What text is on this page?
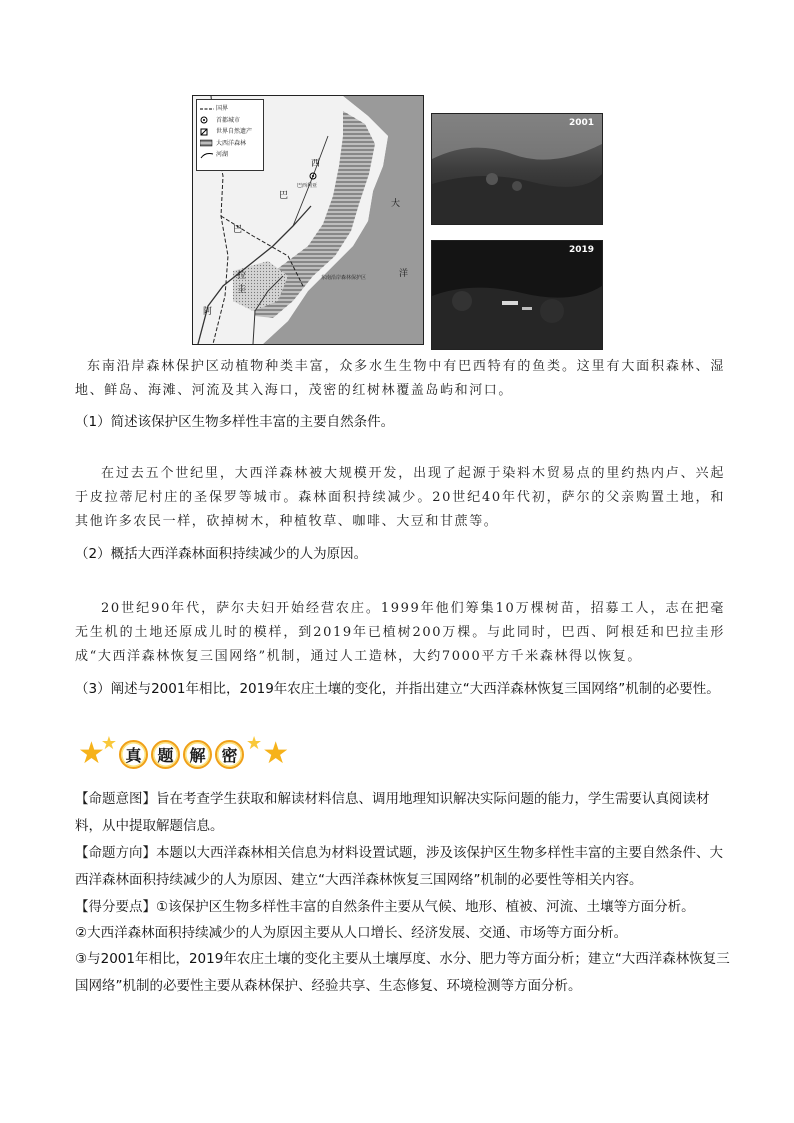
国界
首都城市
世界自然遗产
大西洋森林
河湖
巴
西
大
洋
巴
拉
圭
阿
巴西利亚
东南沿岸森林保护区
2001
2019

东南沿岸森林保护区动植物种类丰富，众多水生生物中有巴西特有的鱼类。这里有大面积森林、湿地、鲜岛、海滩、河流及其入海口，茂密的红树林覆盖岛屿和河口。

（1）简述该保护区生物多样性丰富的主要自然条件。

在过去五个世纪里，大西洋森林被大规模开发，出现了起源于染料木贸易点的里约热内卢、兴起于皮拉蒂尼村庄的圣保罗等城市。森林面积持续减少。20世纪40年代初，萨尔的父亲购置土地，和其他许多农民一样，砍掉树木，种植牧草、咖啡、大豆和甘蔗等。

（2）概括大西洋森林面积持续减少的人为原因。

20世纪90年代，萨尔夫妇开始经营农庄。1999年他们筹集10万棵树苗，招募工人，志在把毫无生机的土地还原成儿时的模样，到2019年已植树200万棵。与此同时，巴西、阿根廷和巴拉圭形成“大西洋森林恢复三国网络”机制，通过人工造林，大约7000平方千米森林得以恢复。

（3）阐述与2001年相比，2019年农庄土壤的变化，并指出建立“大西洋森林恢复三国网络”机制的必要性。

★
★
真 题 解 密
★ ★

【命题意图】旨在考查学生获取和解读材料信息、调用地理知识解决实际问题的能力，学生需要认真阅读材料，从中提取解题信息。

【命题方向】本题以大西洋森林相关信息为材料设置试题，涉及该保护区生物多样性丰富的主要自然条件、大西洋森林面积持续减少的人为原因、建立“大西洋森林恢复三国网络”机制的必要性等相关内容。

【得分要点】①该保护区生物多样性丰富的自然条件主要从气候、地形、植被、河流、土壤等方面分析。

②大西洋森林面积持续减少的人为原因主要从人口增长、经济发展、交通、市场等方面分析。

③与2001年相比，2019年农庄土壤的变化主要从土壤厚度、水分、肥力等方面分析；建立“大西洋森林恢复三国网络”机制的必要性主要从森林保护、经验共享、生态修复、环境检测等方面分析。
